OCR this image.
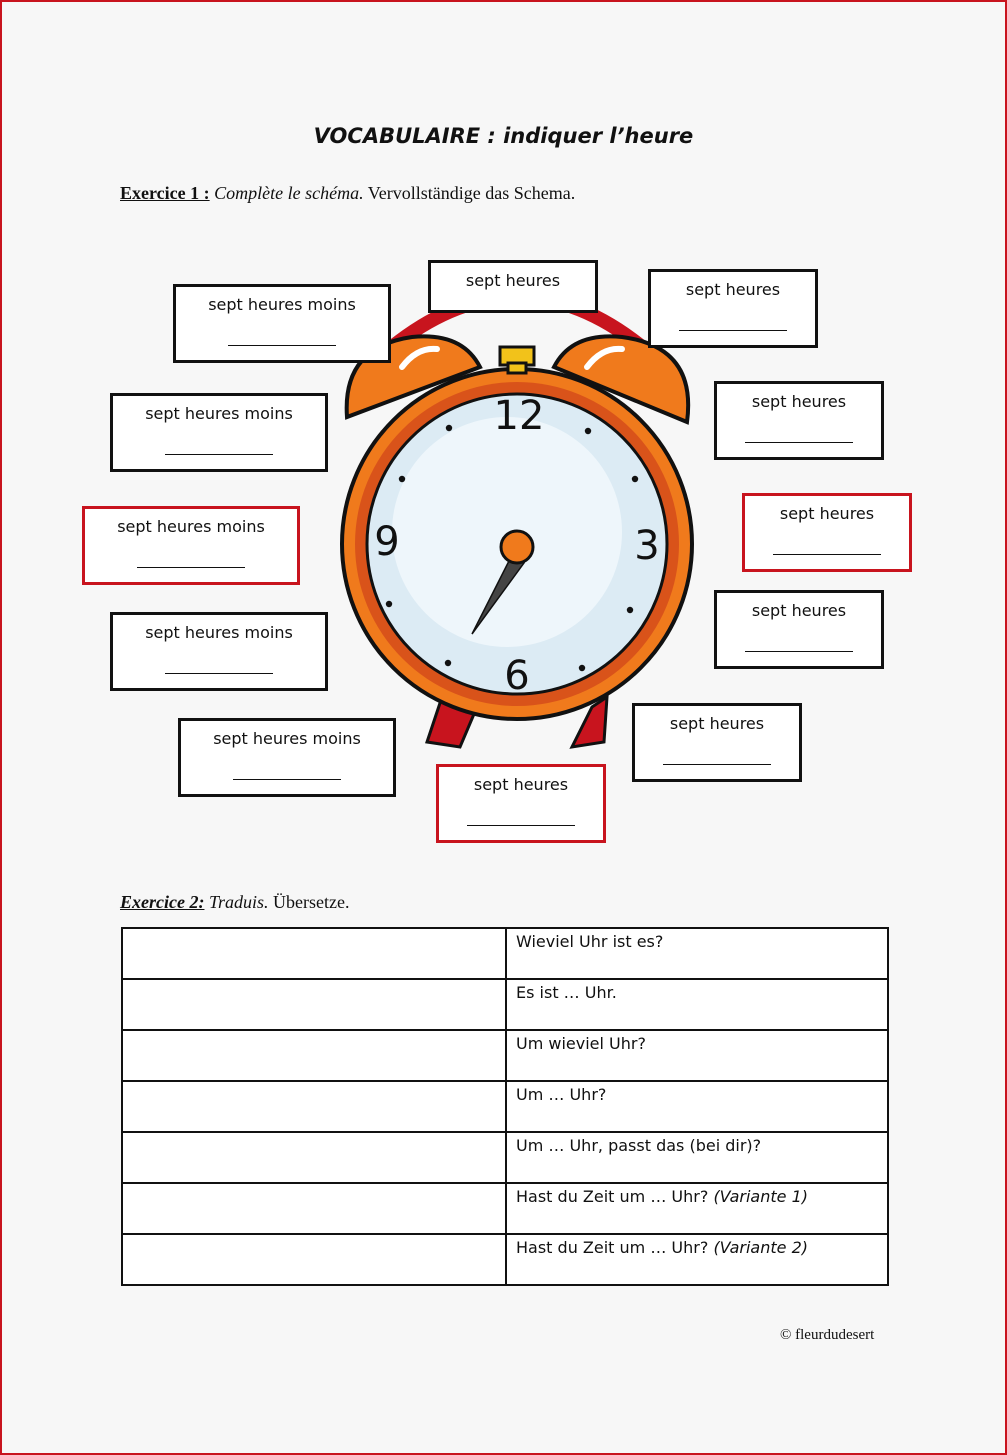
VOCABULAIRE : indiquer l’heure
Exercice 1 : Complète le schéma. Vervollständige das Schema.
12
3
6
9
sept heures	sept heures
sept heures
sept heures
sept heures
sept heures
sept heures
sept heures moins
sept heures moins
sept heures moins
sept heures moins
sept heures moins
Exercice 2: Traduis. Übersetze.
	Wieviel Uhr ist es?
	Es ist … Uhr.
	Um wieviel Uhr?
	Um … Uhr?
	Um … Uhr, passt das (bei dir)?
	Hast du Zeit um … Uhr? (Variante 1)
	Hast du Zeit um … Uhr? (Variante 2)
© fleurdudesert
